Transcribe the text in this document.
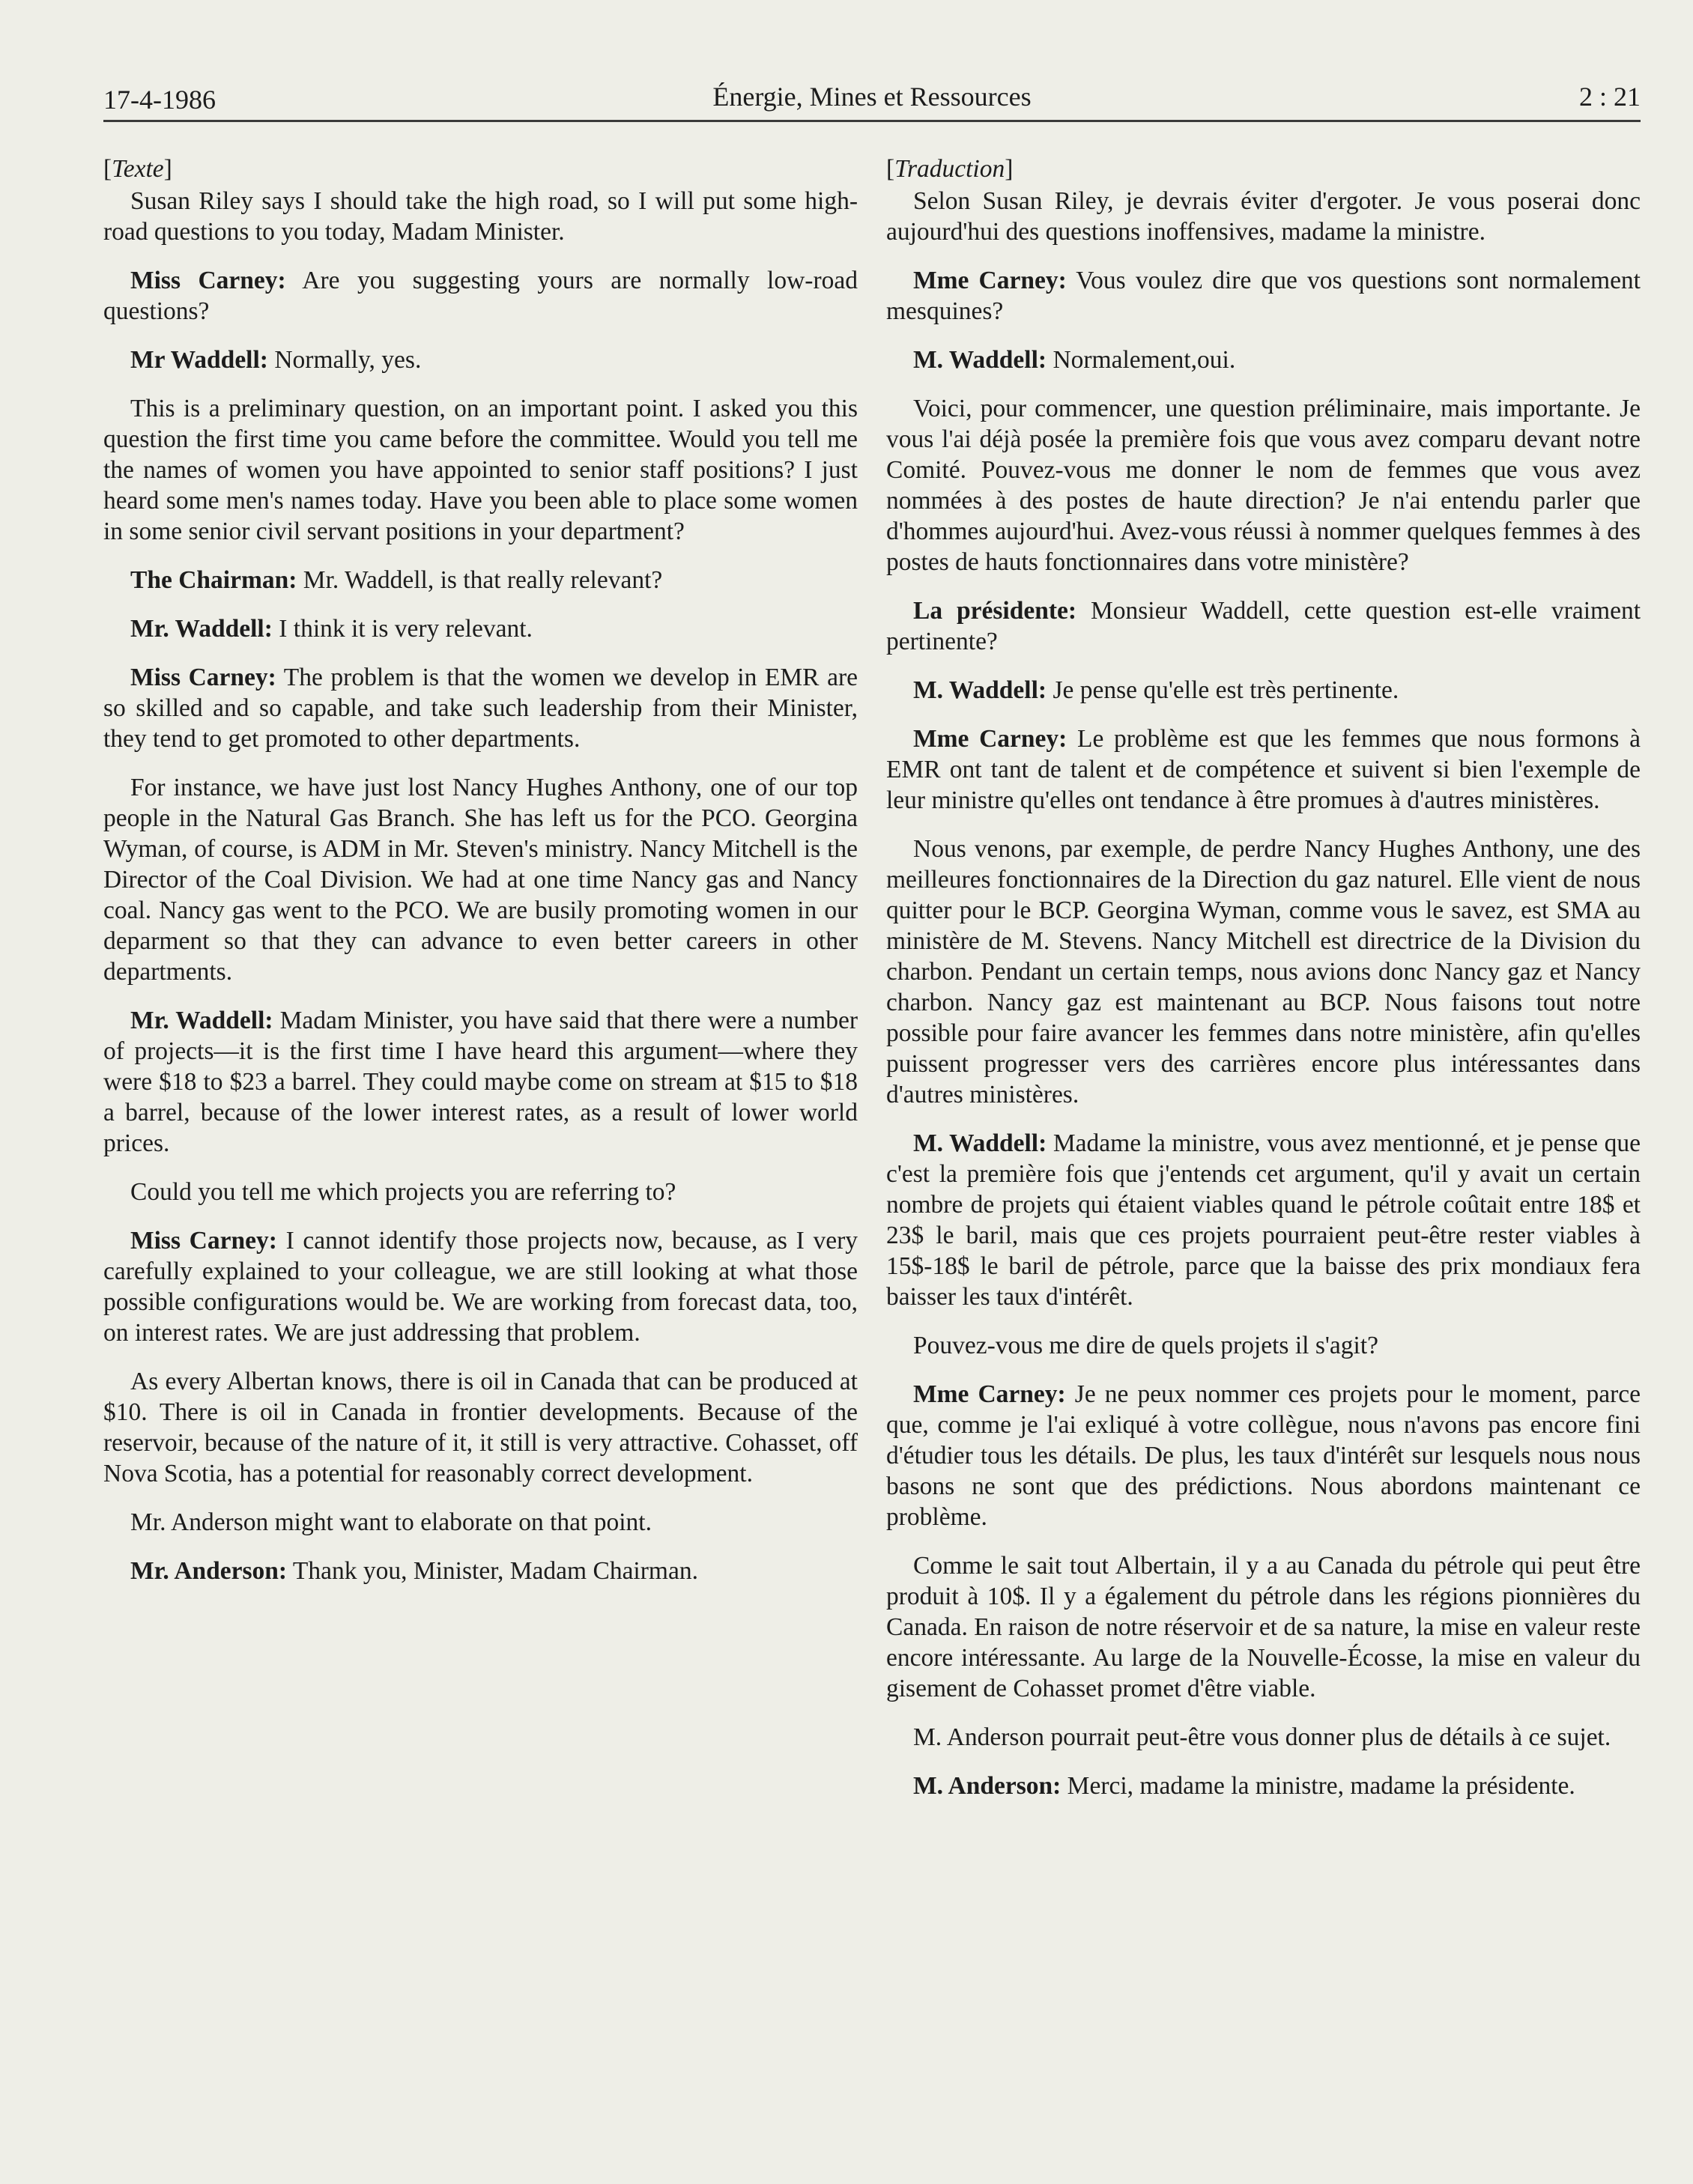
17-4-1986	Énergie, Mines et Ressources	2 : 21
[Texte]

Susan Riley says I should take the high road, so I will put some high-road questions to you today, Madam Minister.

Miss Carney: Are you suggesting yours are normally low-road questions?

Mr Waddell: Normally, yes.

This is a preliminary question, on an important point. I asked you this question the first time you came before the committee. Would you tell me the names of women you have appointed to senior staff positions? I just heard some men's names today. Have you been able to place some women in some senior civil servant positions in your department?

The Chairman: Mr. Waddell, is that really relevant?

Mr. Waddell: I think it is very relevant.

Miss Carney: The problem is that the women we develop in EMR are so skilled and so capable, and take such leadership from their Minister, they tend to get promoted to other departments.

For instance, we have just lost Nancy Hughes Anthony, one of our top people in the Natural Gas Branch. She has left us for the PCO. Georgina Wyman, of course, is ADM in Mr. Steven's ministry. Nancy Mitchell is the Director of the Coal Division. We had at one time Nancy gas and Nancy coal. Nancy gas went to the PCO. We are busily promoting women in our deparment so that they can advance to even better careers in other departments.

Mr. Waddell: Madam Minister, you have said that there were a number of projects—it is the first time I have heard this argument—where they were $18 to $23 a barrel. They could maybe come on stream at $15 to $18 a barrel, because of the lower interest rates, as a result of lower world prices.

Could you tell me which projects you are referring to?

Miss Carney: I cannot identify those projects now, because, as I very carefully explained to your colleague, we are still looking at what those possible configurations would be. We are working from forecast data, too, on interest rates. We are just addressing that problem.

As every Albertan knows, there is oil in Canada that can be produced at $10. There is oil in Canada in frontier developments. Because of the reservoir, because of the nature of it, it still is very attractive. Cohasset, off Nova Scotia, has a potential for reasonably correct development.

Mr. Anderson might want to elaborate on that point.

Mr. Anderson: Thank you, Minister, Madam Chairman.

[Traduction]

Selon Susan Riley, je devrais éviter d'ergoter. Je vous poserai donc aujourd'hui des questions inoffensives, madame la ministre.

Mme Carney: Vous voulez dire que vos questions sont normalement mesquines?

M. Waddell: Normalement,oui.

Voici, pour commencer, une question préliminaire, mais importante. Je vous l'ai déjà posée la première fois que vous avez comparu devant notre Comité. Pouvez-vous me donner le nom de femmes que vous avez nommées à des postes de haute direction? Je n'ai entendu parler que d'hommes aujourd'hui. Avez-vous réussi à nommer quelques femmes à des postes de hauts fonctionnaires dans votre ministère?

La présidente: Monsieur Waddell, cette question est-elle vraiment pertinente?

M. Waddell: Je pense qu'elle est très pertinente.

Mme Carney: Le problème est que les femmes que nous formons à EMR ont tant de talent et de compétence et suivent si bien l'exemple de leur ministre qu'elles ont tendance à être promues à d'autres ministères.

Nous venons, par exemple, de perdre Nancy Hughes Anthony, une des meilleures fonctionnaires de la Direction du gaz naturel. Elle vient de nous quitter pour le BCP. Georgina Wyman, comme vous le savez, est SMA au ministère de M. Stevens. Nancy Mitchell est directrice de la Division du charbon. Pendant un certain temps, nous avions donc Nancy gaz et Nancy charbon. Nancy gaz est maintenant au BCP. Nous faisons tout notre possible pour faire avancer les femmes dans notre ministère, afin qu'elles puissent progresser vers des carrières encore plus intéressantes dans d'autres ministères.

M. Waddell: Madame la ministre, vous avez mentionné, et je pense que c'est la première fois que j'entends cet argument, qu'il y avait un certain nombre de projets qui étaient viables quand le pétrole coûtait entre 18$ et 23$ le baril, mais que ces projets pourraient peut-être rester viables à 15$-18$ le baril de pétrole, parce que la baisse des prix mondiaux fera baisser les taux d'intérêt.

Pouvez-vous me dire de quels projets il s'agit?

Mme Carney: Je ne peux nommer ces projets pour le moment, parce que, comme je l'ai exliqué à votre collègue, nous n'avons pas encore fini d'étudier tous les détails. De plus, les taux d'intérêt sur lesquels nous nous basons ne sont que des prédictions. Nous abordons maintenant ce problème.

Comme le sait tout Albertain, il y a au Canada du pétrole qui peut être produit à 10$. Il y a également du pétrole dans les régions pionnières du Canada. En raison de notre réservoir et de sa nature, la mise en valeur reste encore intéressante. Au large de la Nouvelle-Écosse, la mise en valeur du gisement de Cohasset promet d'être viable.

M. Anderson pourrait peut-être vous donner plus de détails à ce sujet.

M. Anderson: Merci, madame la ministre, madame la présidente.
